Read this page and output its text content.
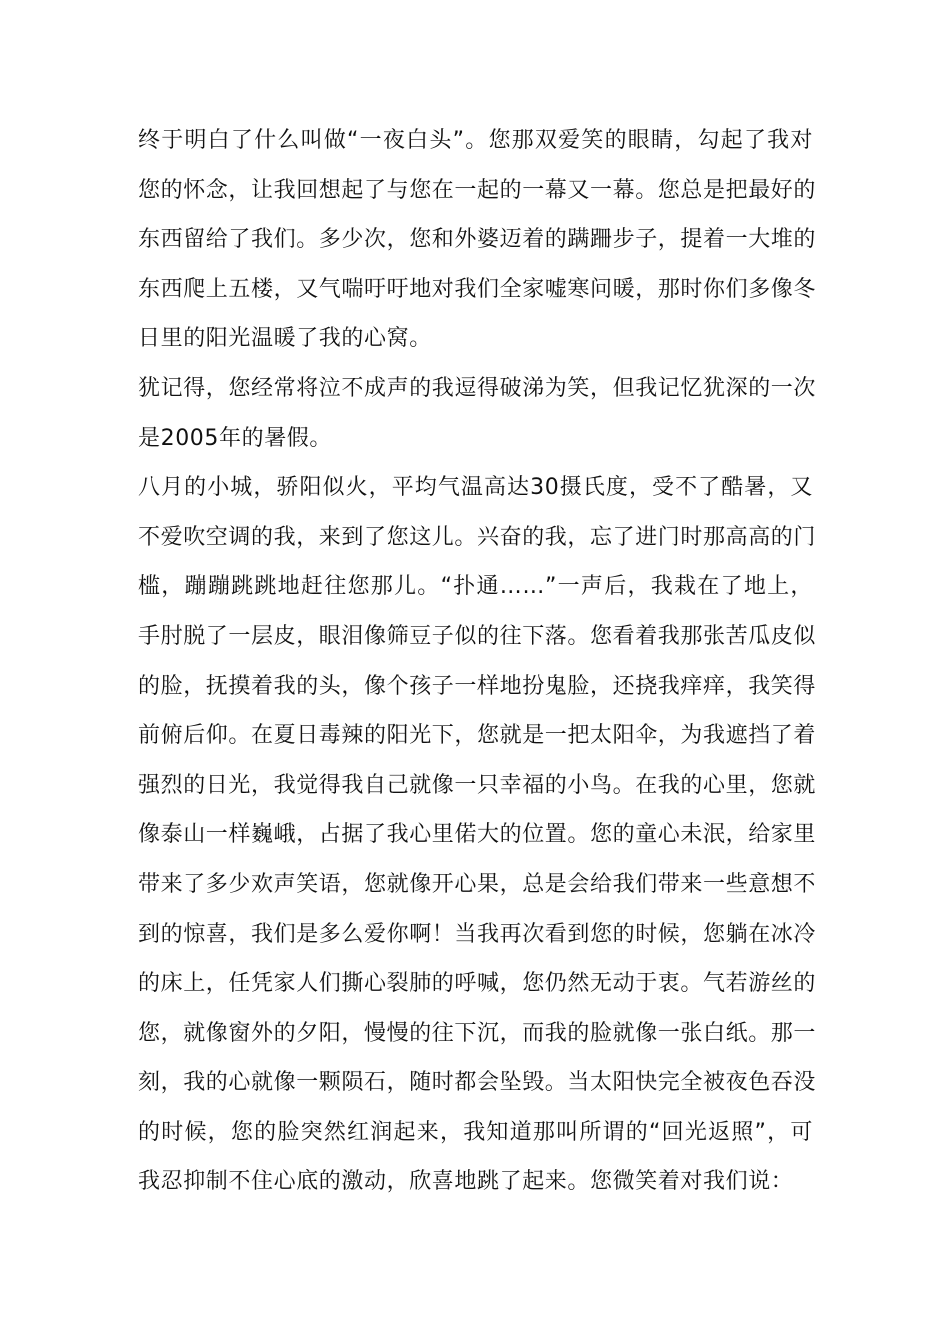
终于明白了什么叫做“一夜白头”。您那双爱笑的眼睛，勾起了我对
您的怀念，让我回想起了与您在一起的一幕又一幕。您总是把最好的
东西留给了我们。多少次，您和外婆迈着的蹒跚步子，提着一大堆的
东西爬上五楼，又气喘吁吁地对我们全家嘘寒问暖，那时你们多像冬
日里的阳光温暖了我的心窝。
犹记得，您经常将泣不成声的我逗得破涕为笑，但我记忆犹深的一次
是2005年的暑假。
八月的小城，骄阳似火，平均气温高达30摄氏度，受不了酷暑，又
不爱吹空调的我，来到了您这儿。兴奋的我，忘了进门时那高高的门
槛，蹦蹦跳跳地赶往您那儿。“扑通……”一声后，我栽在了地上，
手肘脱了一层皮，眼泪像筛豆子似的往下落。您看着我那张苦瓜皮似
的脸，抚摸着我的头，像个孩子一样地扮鬼脸，还挠我痒痒，我笑得
前俯后仰。在夏日毒辣的阳光下，您就是一把太阳伞，为我遮挡了着
强烈的日光，我觉得我自己就像一只幸福的小鸟。在我的心里，您就
像泰山一样巍峨，占据了我心里偌大的位置。您的童心未泯，给家里
带来了多少欢声笑语，您就像开心果，总是会给我们带来一些意想不
到的惊喜，我们是多么爱你啊！当我再次看到您的时候，您躺在冰冷
的床上，任凭家人们撕心裂肺的呼喊，您仍然无动于衷。气若游丝的
您，就像窗外的夕阳，慢慢的往下沉，而我的脸就像一张白纸。那一
刻，我的心就像一颗陨石，随时都会坠毁。当太阳快完全被夜色吞没
的时候，您的脸突然红润起来，我知道那叫所谓的“回光返照”，可
我忍抑制不住心底的激动，欣喜地跳了起来。您微笑着对我们说：
